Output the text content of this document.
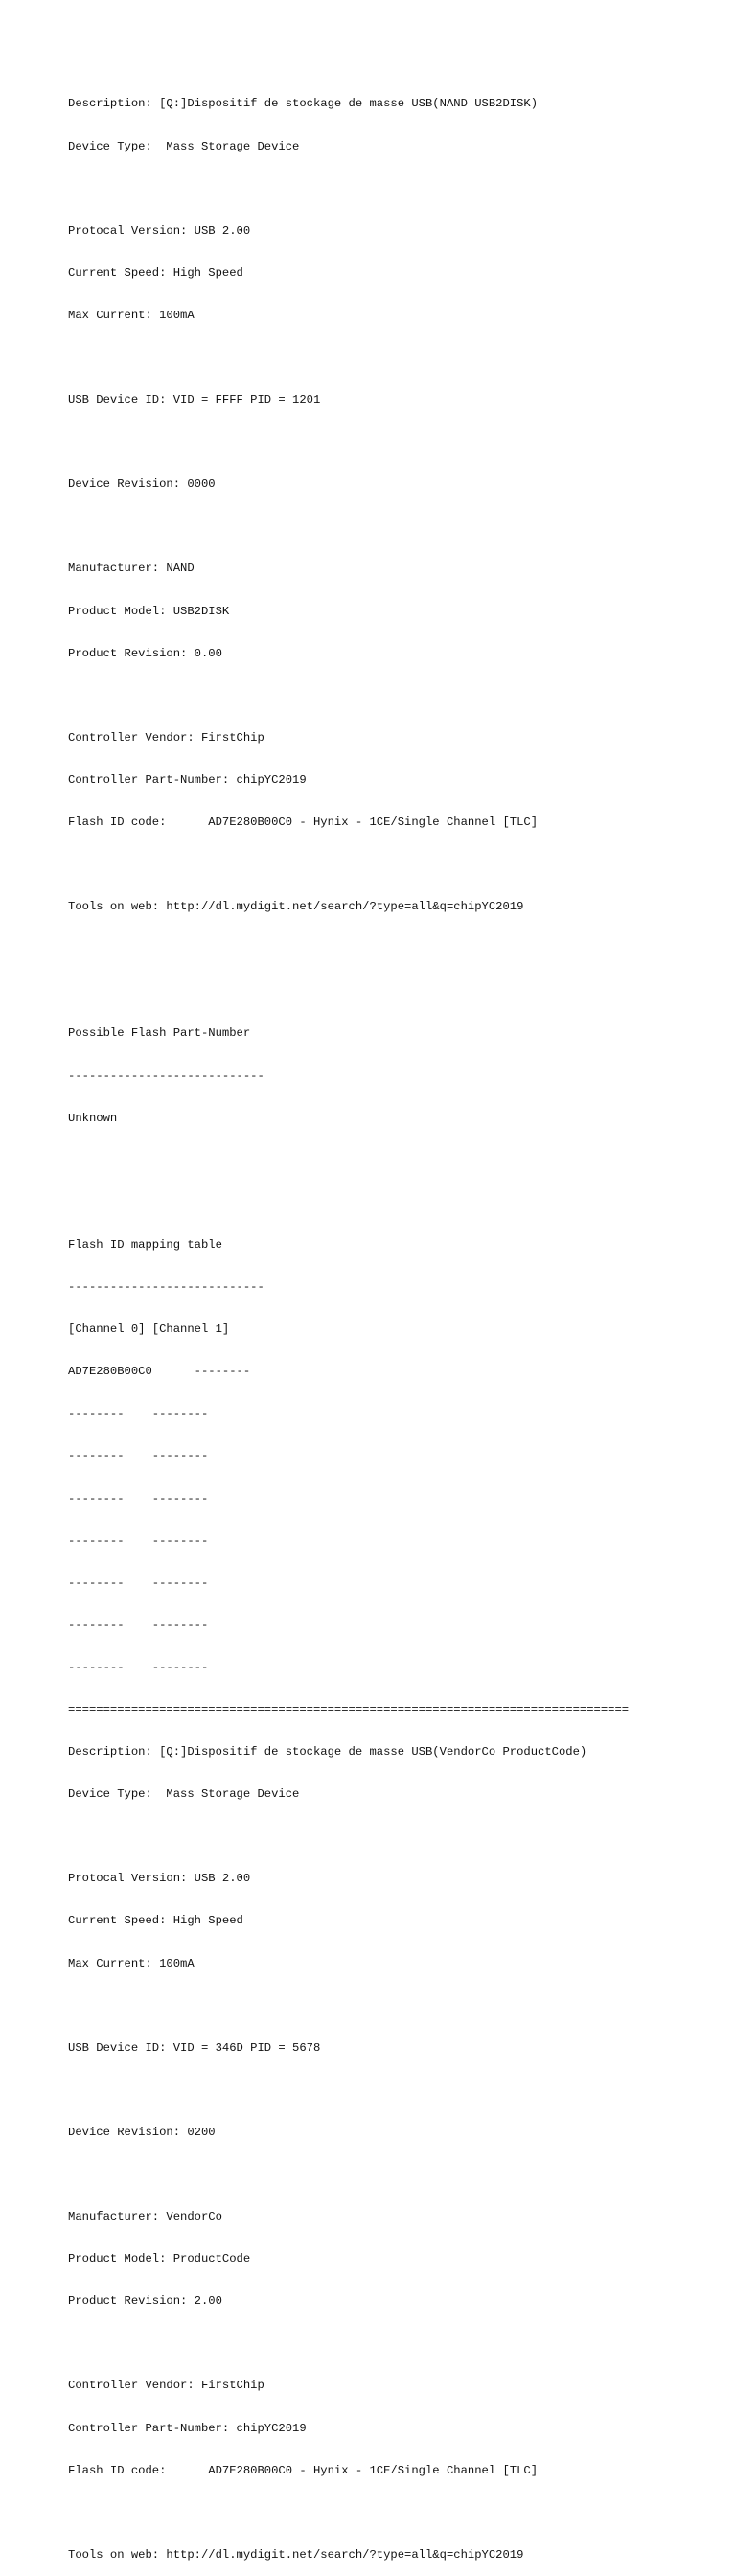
Description: [Q:]Dispositif de stockage de masse USB(NAND USB2DISK)

Device Type:  Mass Storage Device

Protocal Version: USB 2.00

Current Speed: High Speed

Max Current: 100mA

USB Device ID: VID = FFFF PID = 1201

Device Revision: 0000

Manufacturer: NAND

Product Model: USB2DISK

Product Revision: 0.00

Controller Vendor: FirstChip

Controller Part-Number: chipYC2019

Flash ID code:      AD7E280B00C0 - Hynix - 1CE/Single Channel [TLC]

Tools on web: http://dl.mydigit.net/search/?type=all&q=chipYC2019

Possible Flash Part-Number

----------------------------

Unknown

Flash ID mapping table

----------------------------

[Channel 0] [Channel 1]

AD7E280B00C0      --------

--------    --------

--------    --------

--------    --------

--------    --------

--------    --------

--------    --------

--------    --------

================================================================================

Description: [Q:]Dispositif de stockage de masse USB(VendorCo ProductCode)

Device Type:  Mass Storage Device

Protocal Version: USB 2.00

Current Speed: High Speed

Max Current: 100mA

USB Device ID: VID = 346D PID = 5678

Device Revision: 0200

Manufacturer: VendorCo

Product Model: ProductCode

Product Revision: 2.00

Controller Vendor: FirstChip

Controller Part-Number: chipYC2019

Flash ID code:      AD7E280B00C0 - Hynix - 1CE/Single Channel [TLC]

Tools on web: http://dl.mydigit.net/search/?type=all&q=chipYC2019
